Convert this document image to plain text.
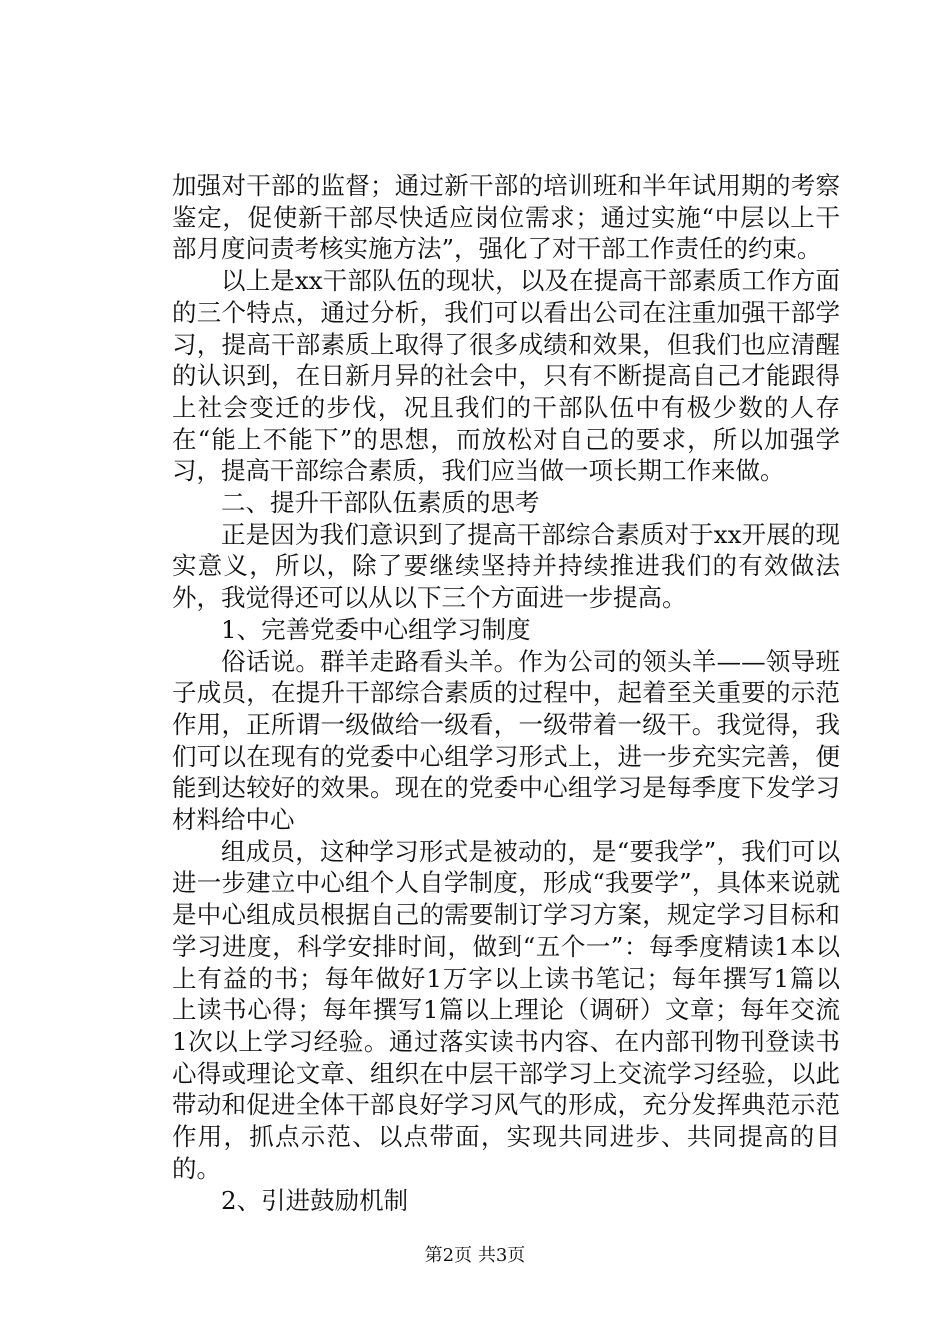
加强对干部的监督；通过新干部的培训班和半年试用期的考察鉴定，促使新干部尽快适应岗位需求；通过实施“中层以上干部月度问责考核实施方法”，强化了对干部工作责任的约束。

以上是xx干部队伍的现状，以及在提高干部素质工作方面的三个特点，通过分析，我们可以看出公司在注重加强干部学习，提高干部素质上取得了很多成绩和效果，但我们也应清醒的认识到，在日新月异的社会中，只有不断提高自己才能跟得上社会变迁的步伐，况且我们的干部队伍中有极少数的人存在“能上不能下”的思想，而放松对自己的要求，所以加强学习，提高干部综合素质，我们应当做一项长期工作来做。

二、提升干部队伍素质的思考

正是因为我们意识到了提高干部综合素质对于xx开展的现实意义，所以，除了要继续坚持并持续推进我们的有效做法外，我觉得还可以从以下三个方面进一步提高。

1、完善党委中心组学习制度

俗话说。群羊走路看头羊。作为公司的领头羊——领导班子成员，在提升干部综合素质的过程中，起着至关重要的示范作用，正所谓一级做给一级看，一级带着一级干。我觉得，我们可以在现有的党委中心组学习形式上，进一步充实完善，便能到达较好的效果。现在的党委中心组学习是每季度下发学习材料给中心

组成员，这种学习形式是被动的，是“要我学”，我们可以进一步建立中心组个人自学制度，形成“我要学”，具体来说就是中心组成员根据自己的需要制订学习方案，规定学习目标和学习进度，科学安排时间，做到“五个一”：每季度精读1本以上有益的书；每年做好1万字以上读书笔记；每年撰写1篇以上读书心得；每年撰写1篇以上理论（调研）文章；每年交流1次以上学习经验。通过落实读书内容、在内部刊物刊登读书心得或理论文章、组织在中层干部学习上交流学习经验，以此带动和促进全体干部良好学习风气的形成，充分发挥典范示范作用，抓点示范、以点带面，实现共同进步、共同提高的目的。

2、引进鼓励机制

第2页 共3页
